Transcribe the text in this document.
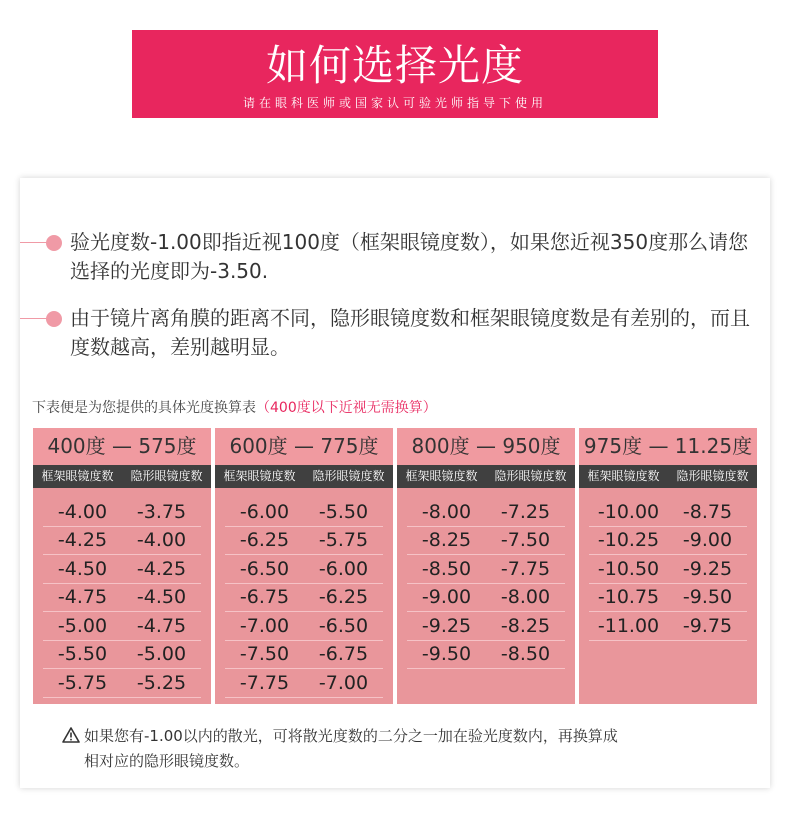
如何选择光度
请在眼科医师或国家认可验光师指导下使用
验光度数-1.00即指近视100度（框架眼镜度数），如果您近视350度那么请您选择的光度即为-3.50.
由于镜片离角膜的距离不同，隐形眼镜度数和框架眼镜度数是有差别的，而且度数越高，差别越明显。
下表便是为您提供的具体光度换算表（400度以下近视无需换算）
400度 — 575度
框架眼镜度数 隐形眼镜度数
-4.00	-3.75
-4.25	-4.00
-4.50	-4.25
-4.75	-4.50
-5.00	-4.75
-5.50	-5.00
-5.75	-5.25
600度 — 775度
框架眼镜度数 隐形眼镜度数
-6.00	-5.50
-6.25	-5.75
-6.50	-6.00
-6.75	-6.25
-7.00	-6.50
-7.50	-6.75
-7.75	-7.00
800度 — 950度
框架眼镜度数 隐形眼镜度数
-8.00	-7.25
-8.25	-7.50
-8.50	-7.75
-9.00	-8.00
-9.25	-8.25
-9.50	-8.50
975度 — 11.25度
框架眼镜度数 隐形眼镜度数
-10.00	-8.75
-10.25	-9.00
-10.50	-9.25
-10.75	-9.50
-11.00	-9.75
如果您有-1.00以内的散光，可将散光度数的二分之一加在验光度数内，再换算成
相对应的隐形眼镜度数。
